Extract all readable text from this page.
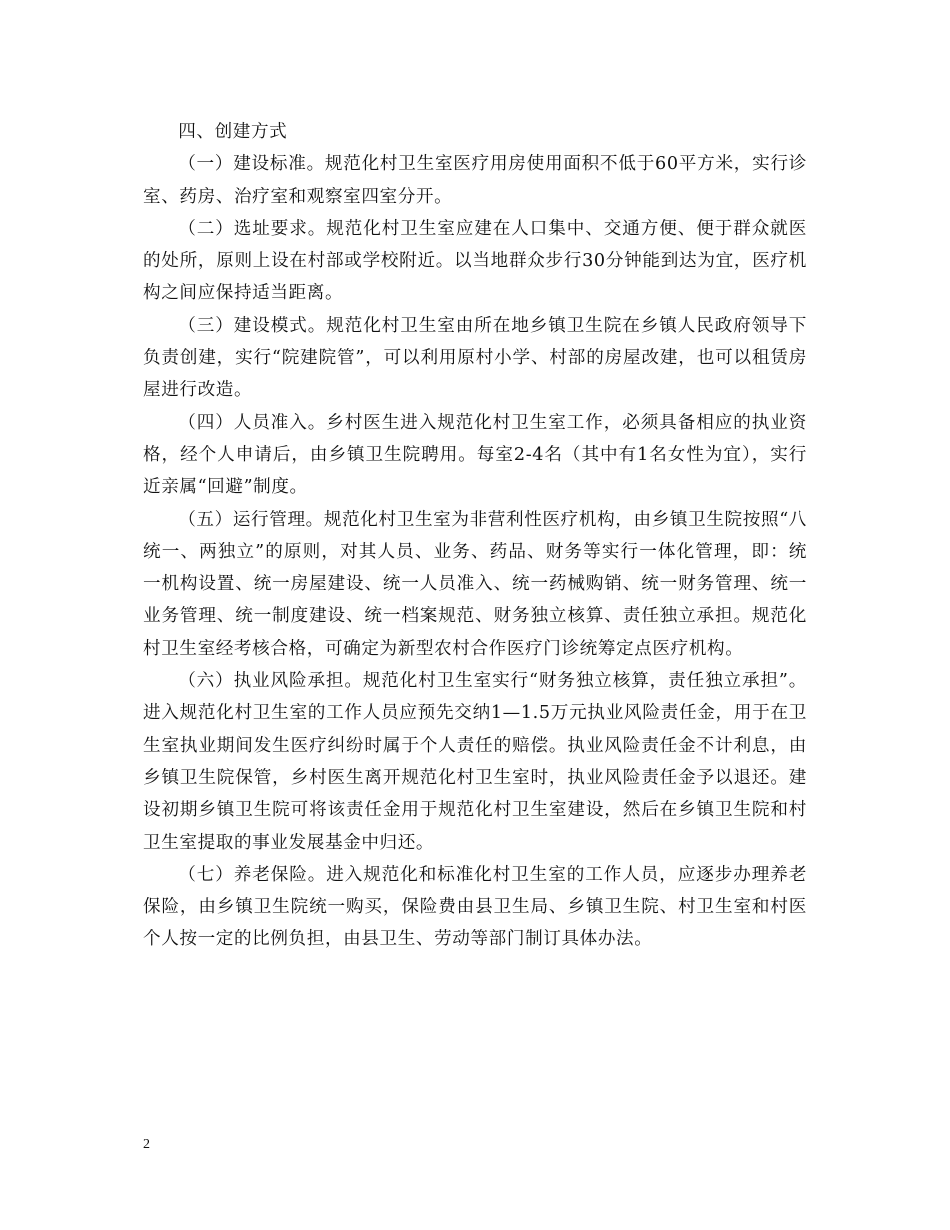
四、创建方式

（一）建设标准。规范化村卫生室医疗用房使用面积不低于60平方米，实行诊室、药房、治疗室和观察室四室分开。

（二）选址要求。规范化村卫生室应建在人口集中、交通方便、便于群众就医的处所，原则上设在村部或学校附近。以当地群众步行30分钟能到达为宜，医疗机构之间应保持适当距离。

（三）建设模式。规范化村卫生室由所在地乡镇卫生院在乡镇人民政府领导下负责创建，实行“院建院管”，可以利用原村小学、村部的房屋改建，也可以租赁房屋进行改造。

（四）人员准入。乡村医生进入规范化村卫生室工作，必须具备相应的执业资格，经个人申请后，由乡镇卫生院聘用。每室2-4名（其中有1名女性为宜），实行近亲属“回避”制度。

（五）运行管理。规范化村卫生室为非营利性医疗机构，由乡镇卫生院按照“八统一、两独立”的原则，对其人员、业务、药品、财务等实行一体化管理，即：统一机构设置、统一房屋建设、统一人员准入、统一药械购销、统一财务管理、统一业务管理、统一制度建设、统一档案规范、财务独立核算、责任独立承担。规范化村卫生室经考核合格，可确定为新型农村合作医疗门诊统筹定点医疗机构。

（六）执业风险承担。规范化村卫生室实行“财务独立核算，责任独立承担”。进入规范化村卫生室的工作人员应预先交纳1—1.5万元执业风险责任金，用于在卫生室执业期间发生医疗纠纷时属于个人责任的赔偿。执业风险责任金不计利息，由乡镇卫生院保管，乡村医生离开规范化村卫生室时，执业风险责任金予以退还。建设初期乡镇卫生院可将该责任金用于规范化村卫生室建设，然后在乡镇卫生院和村卫生室提取的事业发展基金中归还。

（七）养老保险。进入规范化和标准化村卫生室的工作人员，应逐步办理养老保险，由乡镇卫生院统一购买，保险费由县卫生局、乡镇卫生院、村卫生室和村医个人按一定的比例负担，由县卫生、劳动等部门制订具体办法。

2
